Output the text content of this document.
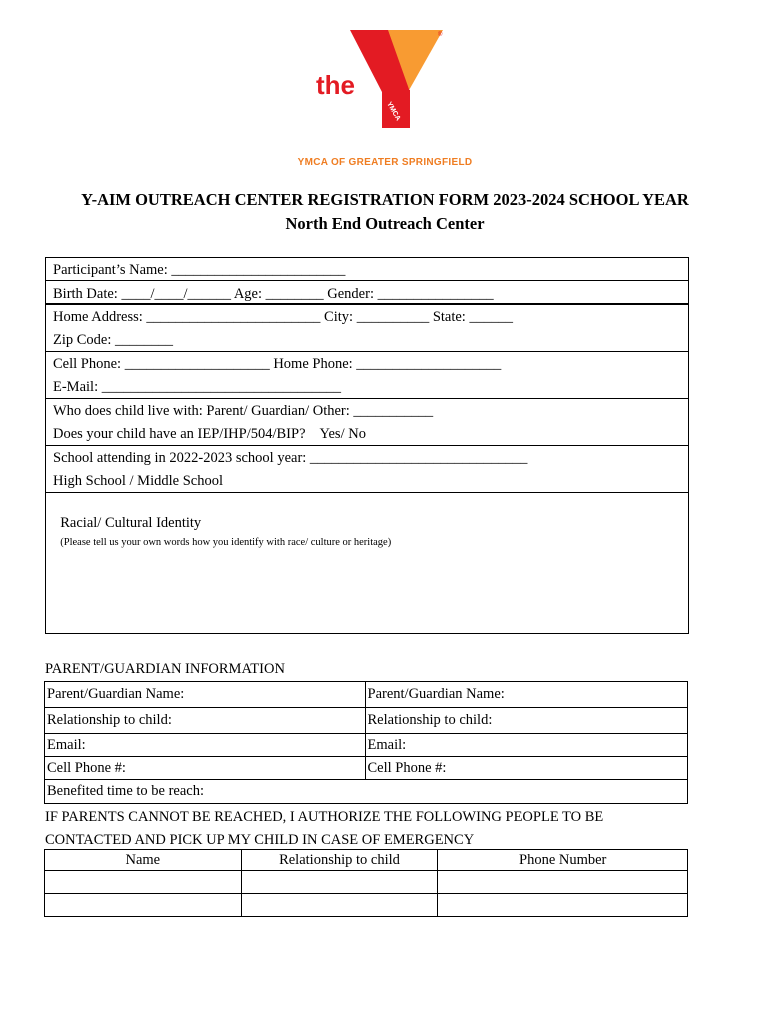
®
the
YMCA
YMCA OF GREATER SPRINGFIELD
Y-AIM OUTREACH CENTER REGISTRATION FORM 2023-2024 SCHOOL YEAR
North End Outreach Center
Participant’s Name: ________________________
Birth Date: ____/____/______ Age: ________ Gender: ________________
Home Address: ________________________ City: __________ State: ______
Zip Code: ________
Cell Phone: ____________________ Home Phone: ____________________
E-Mail: _________________________________
Who does child live with: Parent/ Guardian/ Other: ___________
Does your child have an IEP/IHP/504/BIP?    Yes/ No
School attending in 2022-2023 school year: ______________________________
High School / Middle School

Racial/ Cultural Identity
(Please tell us your own words how you identify with race/ culture or heritage)

PARENT/GUARDIAN INFORMATION
Parent/Guardian Name:	Parent/Guardian Name:
Relationship to child:	Relationship to child:
Email:	Email:
Cell Phone #:	Cell Phone #:
Benefited time to be reach:	
IF PARENTS CANNOT BE REACHED, I AUTHORIZE THE FOLLOWING PEOPLE TO BE
CONTACTED AND PICK UP MY CHILD IN CASE OF EMERGENCY
Name	Relationship to child	Phone Number
